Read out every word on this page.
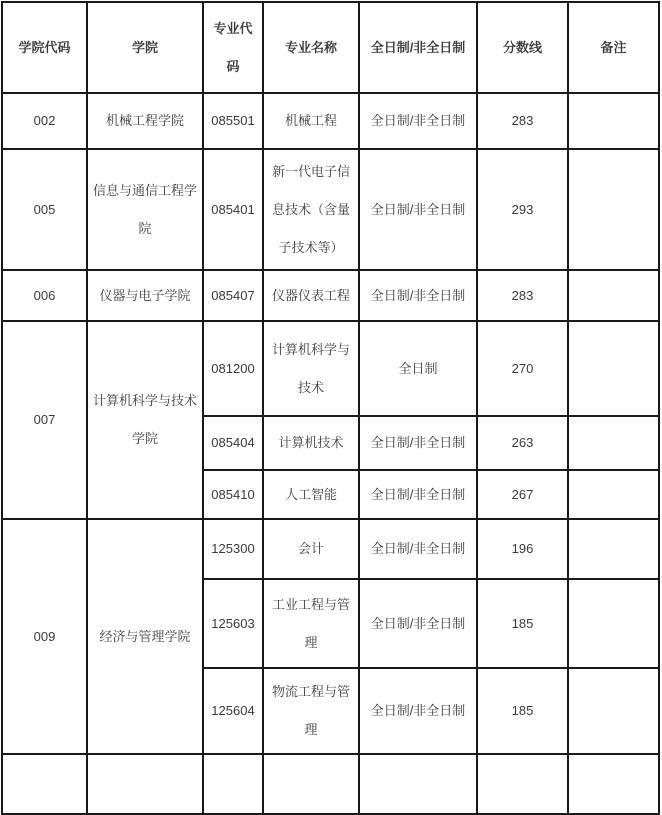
学院代码	学院	专业代码	专业名称	全日制/非全日制	分数线	备注
002	机械工程学院	085501	机械工程	全日制/非全日制	283	
005	信息与通信工程学院	085401	新一代电子信息技术（含量子技术等）	全日制/非全日制	293	
006	仪器与电子学院	085407	仪器仪表工程	全日制/非全日制	283	
007	计算机科学与技术学院	081200	计算机科学与技术	全日制	270	
		085404	计算机技术	全日制/非全日制	263	
		085410	人工智能	全日制/非全日制	267	
009	经济与管理学院	125300	会计	全日制/非全日制	196	
		125603	工业工程与管理	全日制/非全日制	185	
		125604	物流工程与管理	全日制/非全日制	185	
